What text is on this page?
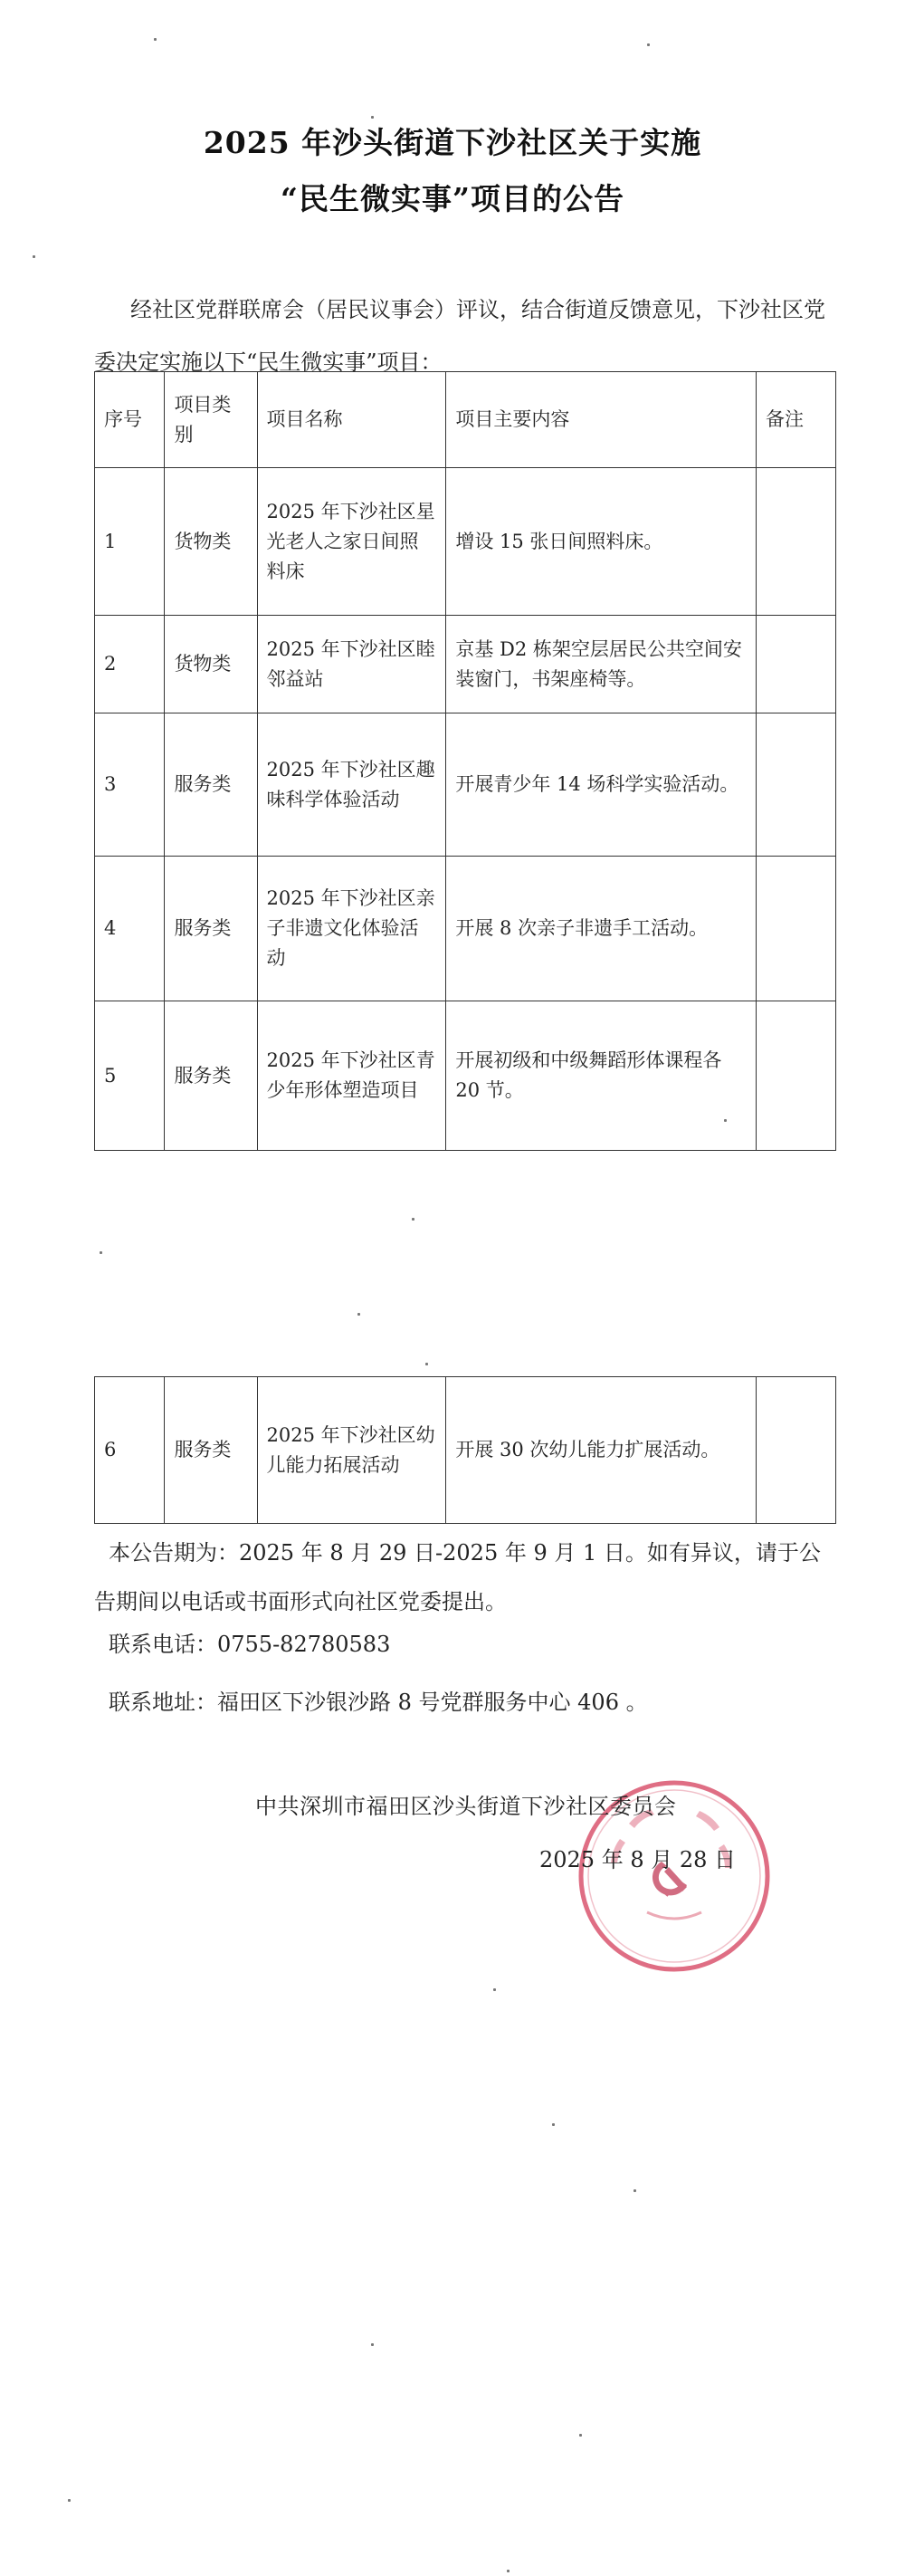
2025 年沙头街道下沙社区关于实施
“民生微实事”项目的公告
经社区党群联席会（居民议事会）评议，结合街道反馈意见，下沙社区党委决定实施以下“民生微实事”项目：
序号	项目类别	项目名称	项目主要内容	备注
1	货物类	2025 年下沙社区星光老人之家日间照料床	增设 15 张日间照料床。	
2	货物类	2025 年下沙社区睦邻益站	京基 D2 栋架空层居民公共空间安装窗门，书架座椅等。	
3	服务类	2025 年下沙社区趣味科学体验活动	开展青少年 14 场科学实验活动。	
4	服务类	2025 年下沙社区亲子非遗文化体验活动	开展 8 次亲子非遗手工活动。	
5	服务类	2025 年下沙社区青少年形体塑造项目	开展初级和中级舞蹈形体课程各 20 节。	
6	服务类	2025 年下沙社区幼儿能力拓展活动	开展 30 次幼儿能力扩展活动。	
本公告期为：2025 年 8 月 29 日-2025 年 9 月 1 日。如有异议，请于公告期间以电话或书面形式向社区党委提出。
联系电话：0755-82780583
联系地址：福田区下沙银沙路 8 号党群服务中心 406 。
中共深圳市福田区沙头街道下沙社区委员会
2025 年 8 月 28 日
